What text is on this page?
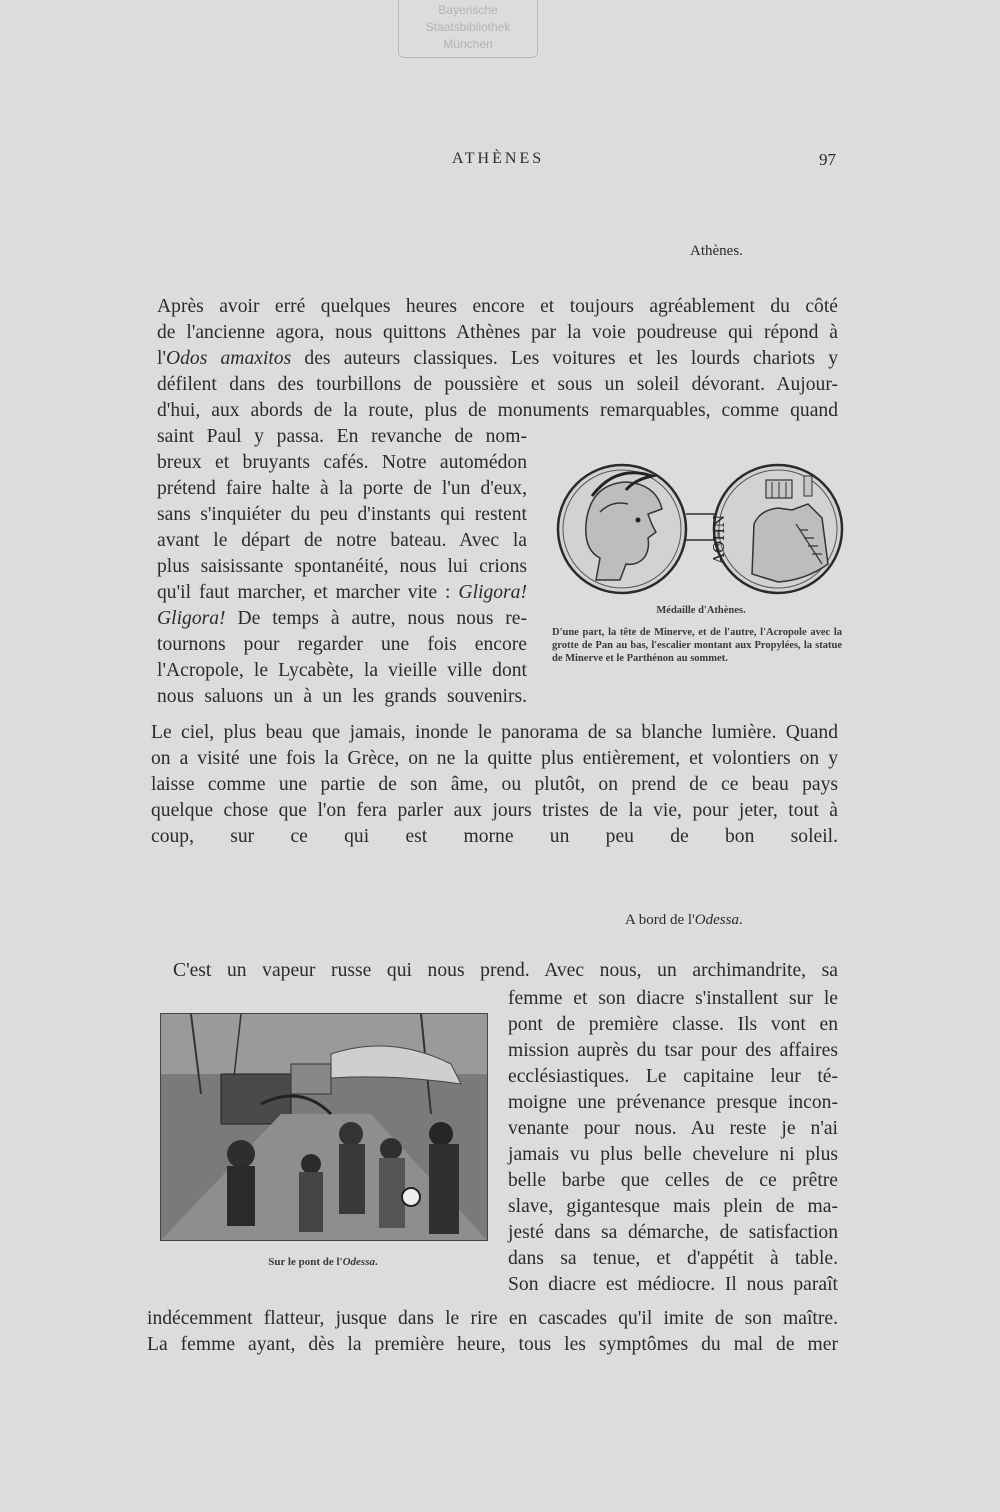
Bayerische
Staatsbibliothek
München
ATHÈNES	97
Athènes.
Après avoir erré quelques heures encore et toujours agréablement du côté
de l'ancienne agora, nous quittons Athènes par la voie poudreuse qui répond à
l'Odos amaxitos des auteurs classiques. Les voitures et les lourds chariots y
défilent dans des tourbillons de poussière et sous un soleil dévorant. Aujour-
d'hui, aux abords de la route, plus de monuments remarquables, comme quand
saint Paul y passa. En revanche de nom-
breux et bruyants cafés. Notre automédon
prétend faire halte à la porte de l'un d'eux,
sans s'inquiéter du peu d'instants qui restent
avant le départ de notre bateau. Avec la
plus saisissante spontanéité, nous lui crions
qu'il faut marcher, et marcher vite : Gligora!
Gligora! De temps à autre, nous nous re-
tournons pour regarder une fois encore
l'Acropole, le Lycabète, la vieille ville dont
nous saluons un à un les grands souvenirs.
ΑΘΗΝ
Médaille d'Athènes.
D'une part, la tête de Minerve, et de l'autre, l'Acropole avec la grotte de Pan au bas, l'escalier montant aux Propylées, la statue de Minerve et le Parthénon au sommet.
Le ciel, plus beau que jamais, inonde le panorama de sa blanche lumière. Quand
on a visité une fois la Grèce, on ne la quitte plus entièrement, et volontiers on y
laisse comme une partie de son âme, ou plutôt, on prend de ce beau pays
quelque chose que l'on fera parler aux jours tristes de la vie, pour jeter, tout à
coup, sur ce qui est morne un peu de bon soleil.
A bord de l'Odessa.
C'est un vapeur russe qui nous prend. Avec nous, un archimandrite, sa
femme et son diacre s'installent sur le
pont de première classe. Ils vont en
mission auprès du tsar pour des affaires
ecclésiastiques. Le capitaine leur té-
moigne une prévenance presque incon-
venante pour nous. Au reste je n'ai
jamais vu plus belle chevelure ni plus
belle barbe que celles de ce prêtre
slave, gigantesque mais plein de ma-
jesté dans sa démarche, de satisfaction
dans sa tenue, et d'appétit à table.
Son diacre est médiocre. Il nous paraît
Sur le pont de l'Odessa.
indécemment flatteur, jusque dans le rire en cascades qu'il imite de son maître.
La femme ayant, dès la première heure, tous les symptômes du mal de mer
